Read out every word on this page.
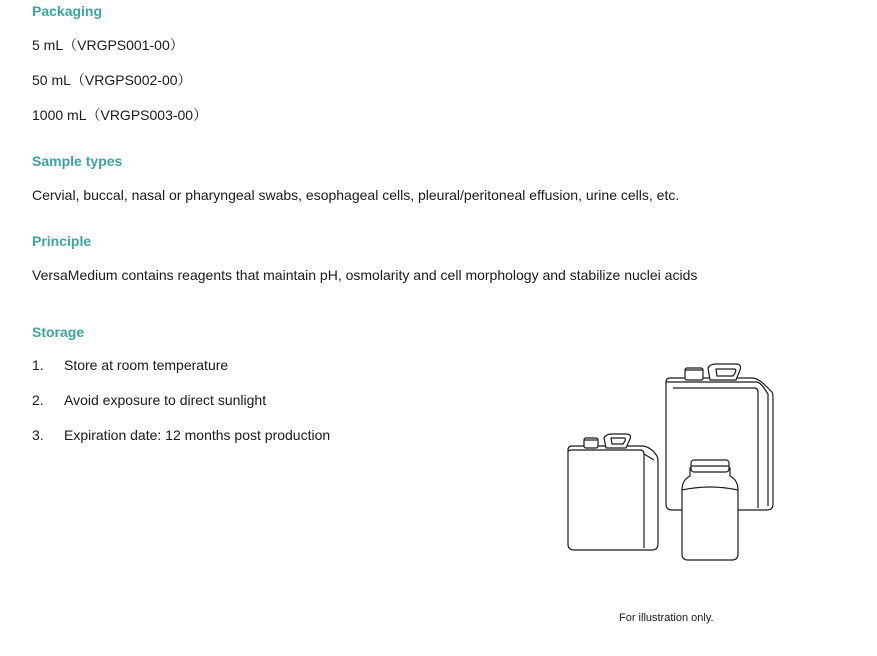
Packaging

5 mL（VRGPS001-00）

50 mL（VRGPS002-00）

1000 mL（VRGPS003-00）

Sample types

Cervial, buccal, nasal or pharyngeal swabs, esophageal cells, pleural/peritoneal effusion, urine cells, etc.

Principle

VersaMedium contains reagents that maintain pH, osmolarity and cell morphology and stabilize nuclei acids

Storage
1. Store at room temperature
2. Avoid exposure to direct sunlight
3. Expiration date: 12 months post production

For illustration only.
